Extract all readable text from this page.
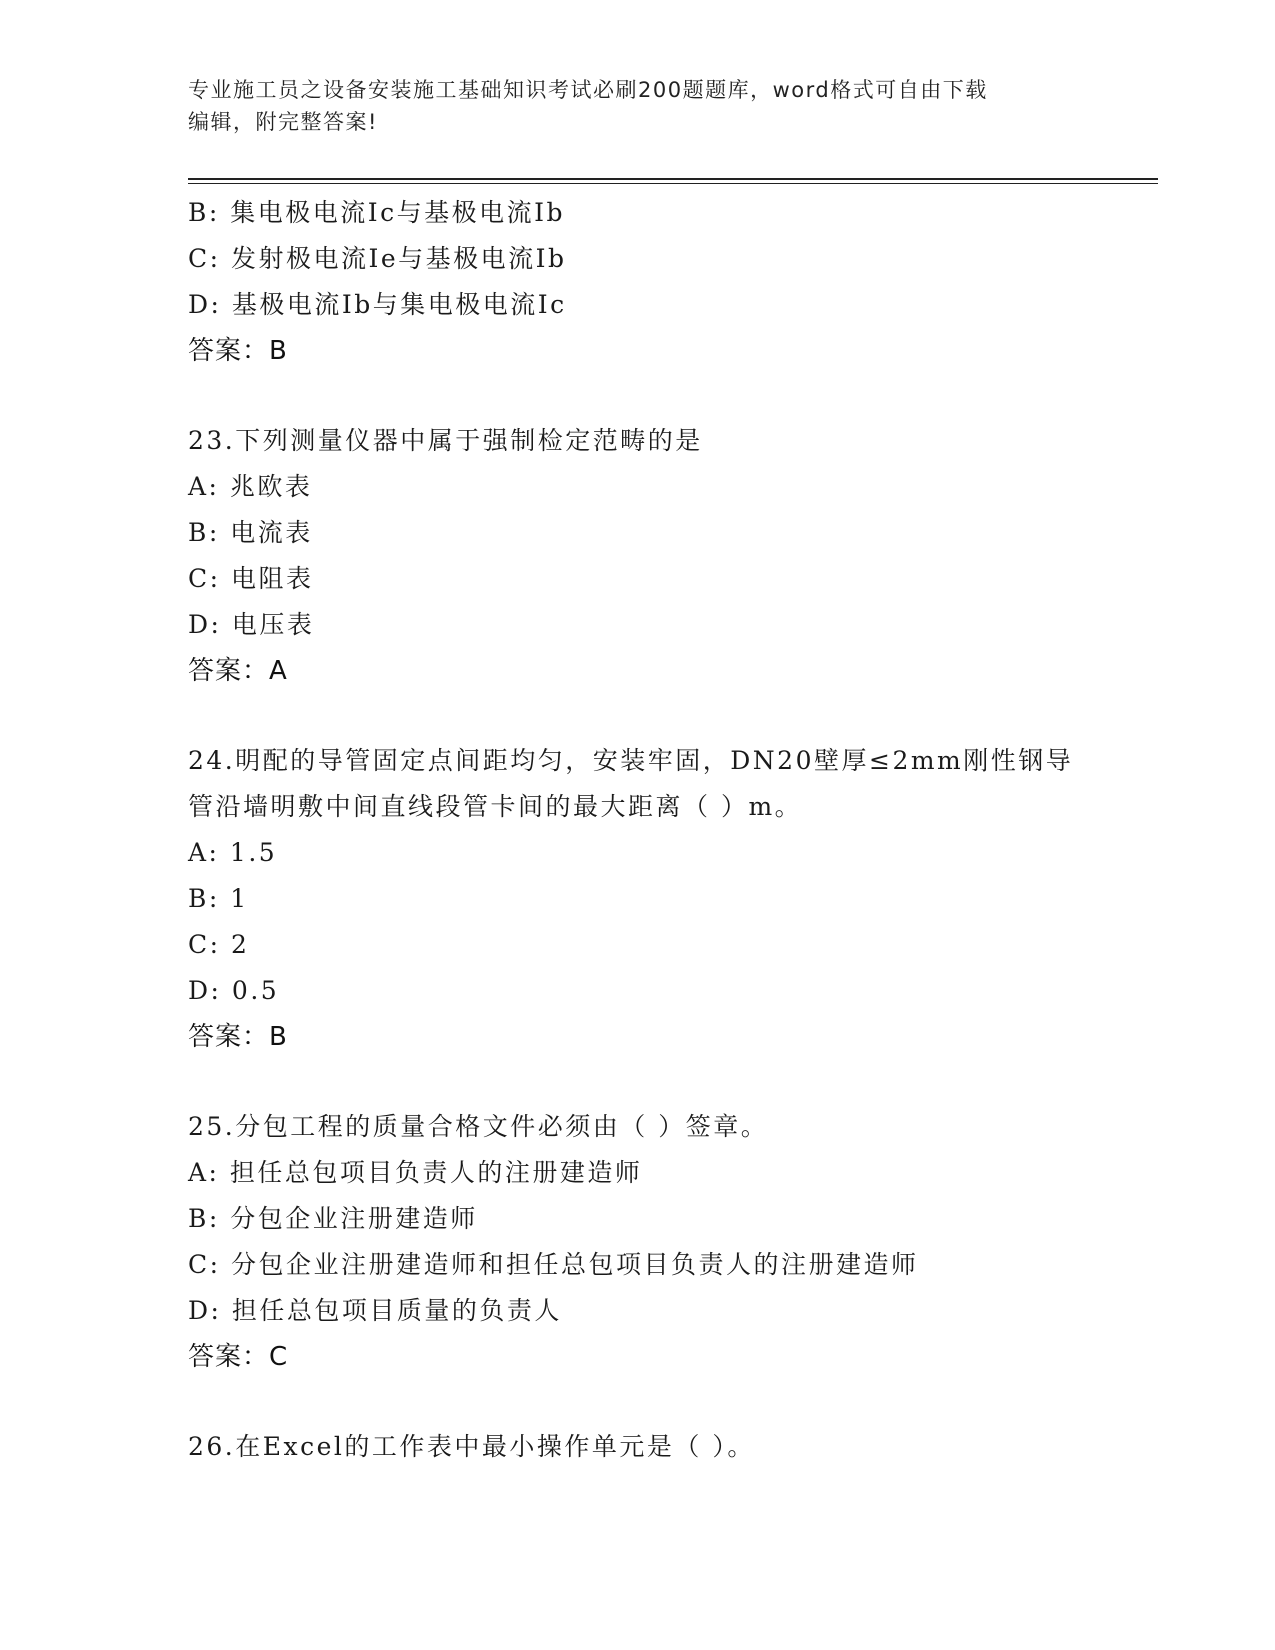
专业施工员之设备安装施工基础知识考试必刷200题题库，word格式可自由下载
编辑，附完整答案!
B: 集电极电流Ic与基极电流Ib
C: 发射极电流Ie与基极电流Ib
D: 基极电流Ib与集电极电流Ic
答案：B
23.下列测量仪器中属于强制检定范畴的是
A: 兆欧表
B: 电流表
C: 电阻表
D: 电压表
答案：A
24.明配的导管固定点间距均匀，安装牢固，DN20壁厚≤2mm刚性钢导
管沿墙明敷中间直线段管卡间的最大距离（ ）m。
A: 1.5
B: 1
C: 2
D: 0.5
答案：B
25.分包工程的质量合格文件必须由（ ）签章。
A: 担任总包项目负责人的注册建造师
B: 分包企业注册建造师
C: 分包企业注册建造师和担任总包项目负责人的注册建造师
D: 担任总包项目质量的负责人
答案：C
26.在Excel的工作表中最小操作单元是（ ）。
